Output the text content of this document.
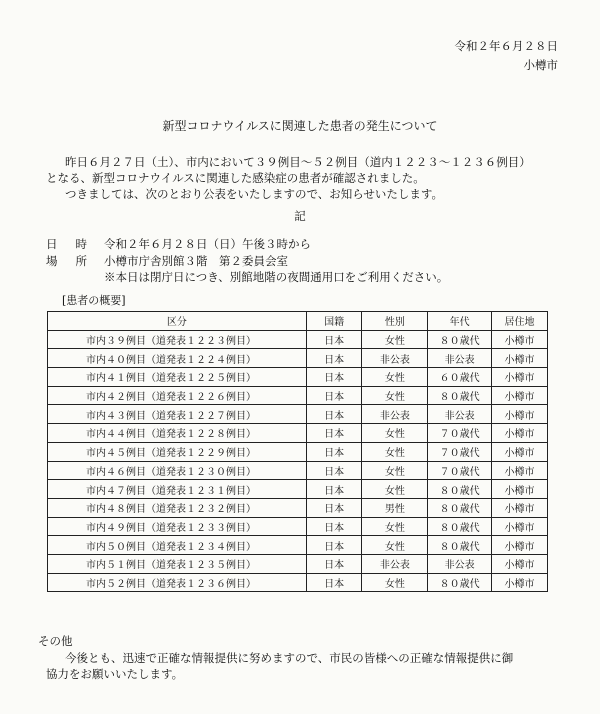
令和２年６月２８日
小樽市
新型コロナウイルスに関連した患者の発生について
昨日６月２７日（土）、市内において３９例目～５２例目（道内１２２３～１２３６例目）
となる、新型コロナウイルスに関連した感染症の患者が確認されました。
つきましては、次のとおり公表をいたしますので、お知らせいたします。
記
日時 令和２年６月２８日（日）午後３時から
場所 小樽市庁舎別館３階　第２委員会室
※本日は閉庁日につき、別館地階の夜間通用口をご利用ください。
[患者の概要]
区分	国籍	性別	年代	居住地
市内３９例目（道発表１２２３例目）	日本	女性	８０歳代	小樽市
市内４０例目（道発表１２２４例目）	日本	非公表	非公表	小樽市
市内４１例目（道発表１２２５例目）	日本	女性	６０歳代	小樽市
市内４２例目（道発表１２２６例目）	日本	女性	８０歳代	小樽市
市内４３例目（道発表１２２７例目）	日本	非公表	非公表	小樽市
市内４４例目（道発表１２２８例目）	日本	女性	７０歳代	小樽市
市内４５例目（道発表１２２９例目）	日本	女性	７０歳代	小樽市
市内４６例目（道発表１２３０例目）	日本	女性	７０歳代	小樽市
市内４７例目（道発表１２３１例目）	日本	女性	８０歳代	小樽市
市内４８例目（道発表１２３２例目）	日本	男性	８０歳代	小樽市
市内４９例目（道発表１２３３例目）	日本	女性	８０歳代	小樽市
市内５０例目（道発表１２３４例目）	日本	女性	８０歳代	小樽市
市内５１例目（道発表１２３５例目）	日本	非公表	非公表	小樽市
市内５２例目（道発表１２３６例目）	日本	女性	８０歳代	小樽市
その他
今後とも、迅速で正確な情報提供に努めますので、市民の皆様への正確な情報提供に御
協力をお願いいたします。
